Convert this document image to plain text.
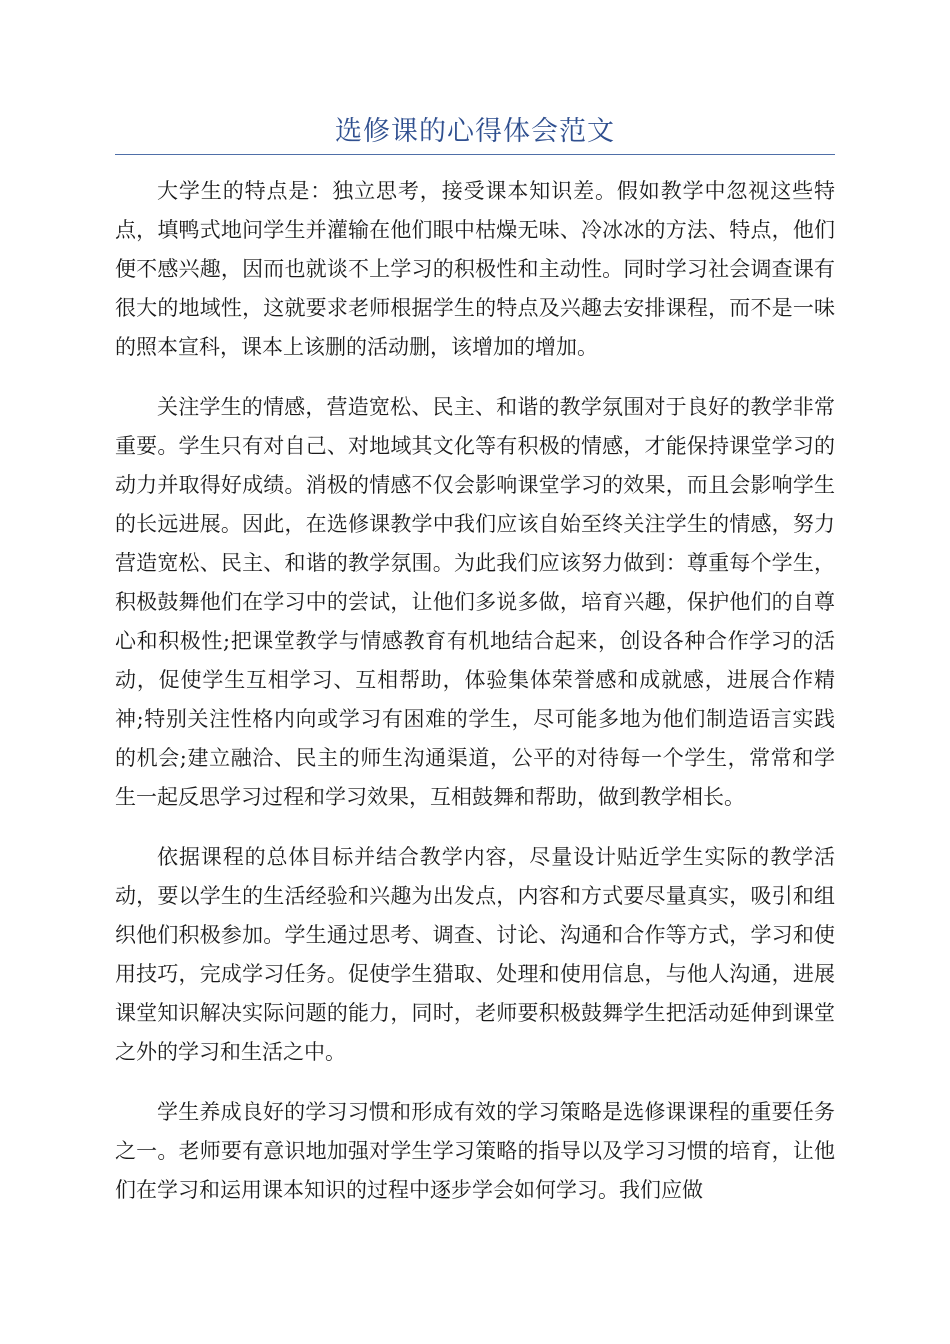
选修课的心得体会范文

大学生的特点是：独立思考，接受课本知识差。假如教学中忽视这些特点，填鸭式地问学生并灌输在他们眼中枯燥无味、冷冰冰的方法、特点，他们便不感兴趣，因而也就谈不上学习的积极性和主动性。同时学习社会调查课有很大的地域性，这就要求老师根据学生的特点及兴趣去安排课程，而不是一味的照本宣科，课本上该删的活动删，该增加的增加。

关注学生的情感，营造宽松、民主、和谐的教学氛围对于良好的教学非常重要。学生只有对自己、对地域其文化等有积极的情感，才能保持课堂学习的动力并取得好成绩。消极的情感不仅会影响课堂学习的效果，而且会影响学生的长远进展。因此，在选修课教学中我们应该自始至终关注学生的情感，努力营造宽松、民主、和谐的教学氛围。为此我们应该努力做到：尊重每个学生，积极鼓舞他们在学习中的尝试，让他们多说多做，培育兴趣，保护他们的自尊心和积极性;把课堂教学与情感教育有机地结合起来，创设各种合作学习的活动，促使学生互相学习、互相帮助，体验集体荣誉感和成就感，进展合作精神;特别关注性格内向或学习有困难的学生，尽可能多地为他们制造语言实践的机会;建立融洽、民主的师生沟通渠道，公平的对待每一个学生，常常和学生一起反思学习过程和学习效果，互相鼓舞和帮助，做到教学相长。

依据课程的总体目标并结合教学内容，尽量设计贴近学生实际的教学活动，要以学生的生活经验和兴趣为出发点，内容和方式要尽量真实，吸引和组织他们积极参加。学生通过思考、调查、讨论、沟通和合作等方式，学习和使用技巧，完成学习任务。促使学生猎取、处理和使用信息，与他人沟通，进展课堂知识解决实际问题的能力，同时，老师要积极鼓舞学生把活动延伸到课堂之外的学习和生活之中。

学生养成良好的学习习惯和形成有效的学习策略是选修课课程的重要任务之一。老师要有意识地加强对学生学习策略的指导以及学习习惯的培育，让他们在学习和运用课本知识的过程中逐步学会如何学习。我们应做
